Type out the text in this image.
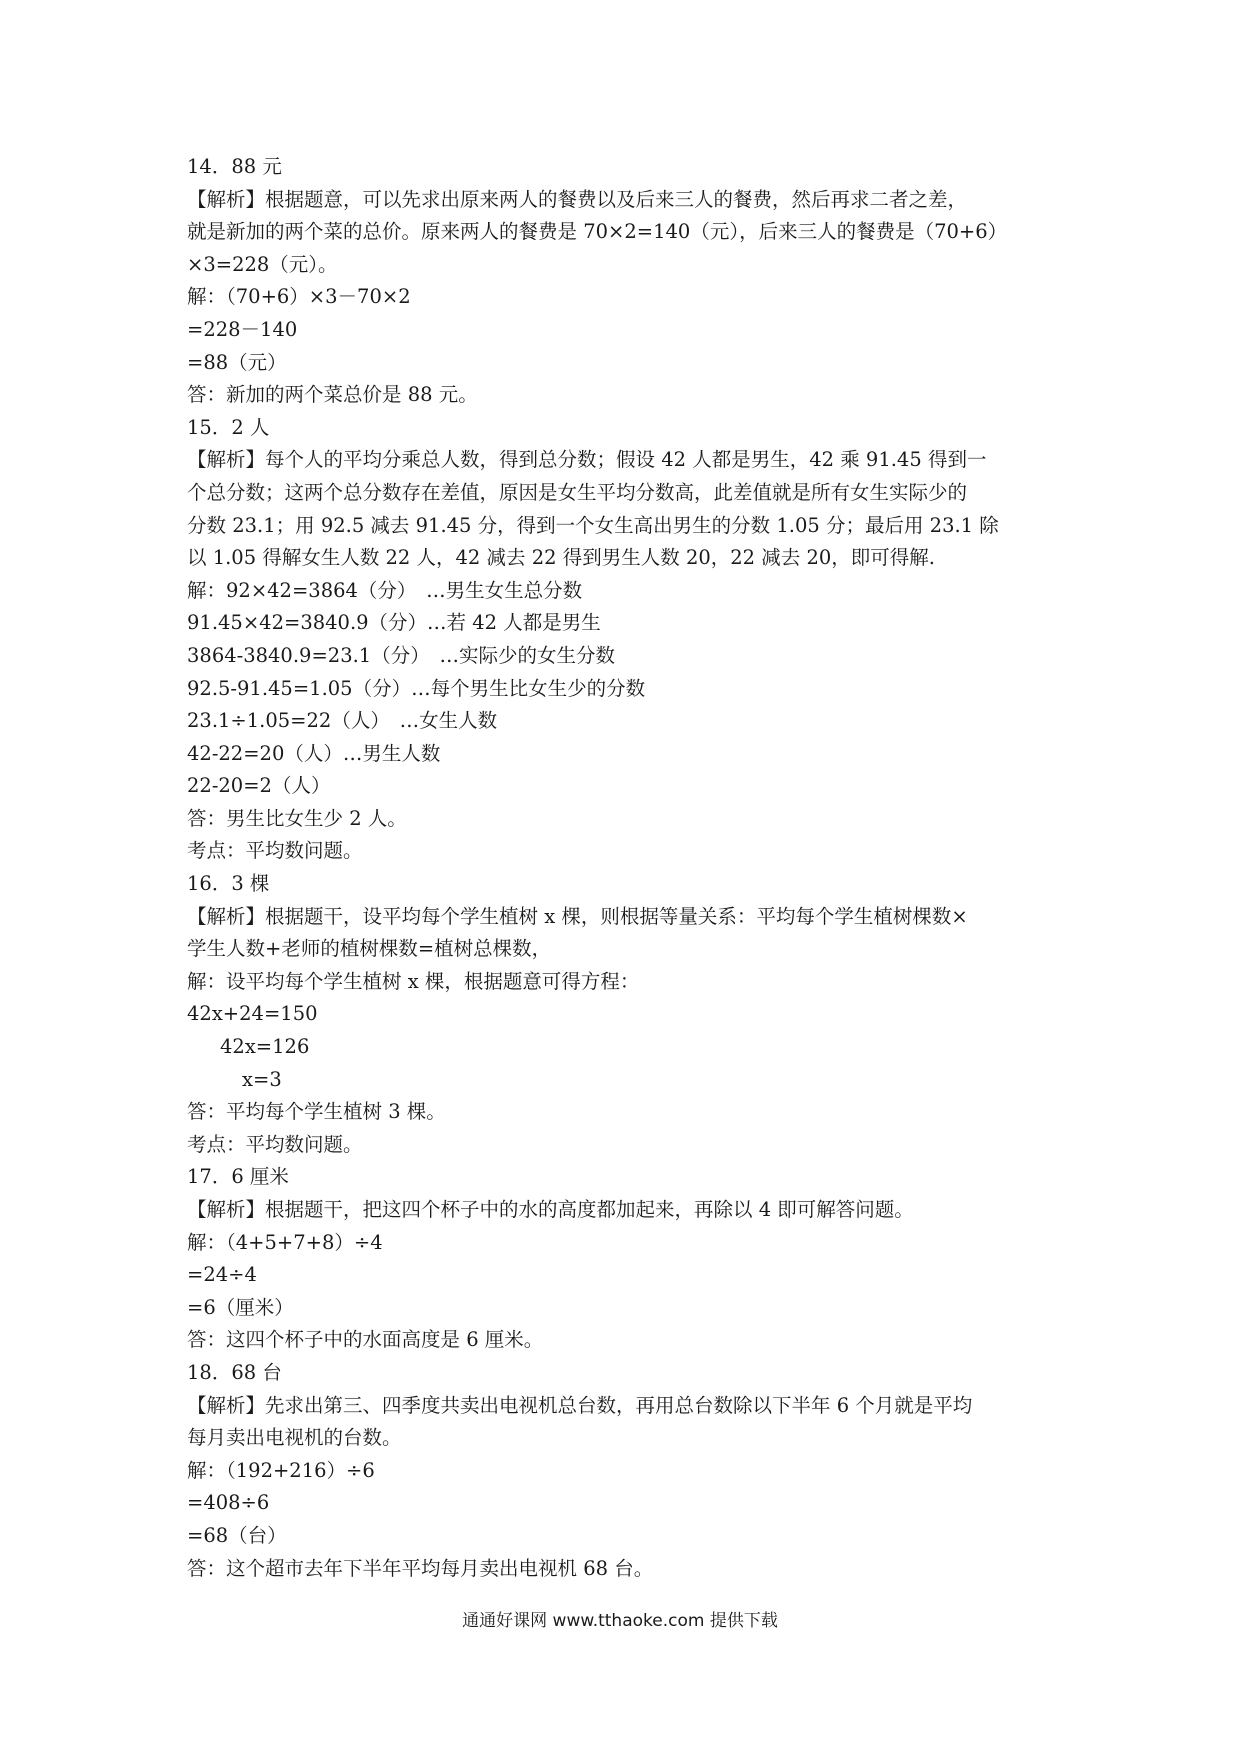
14．88 元
【解析】根据题意，可以先求出原来两人的餐费以及后来三人的餐费，然后再求二者之差，
就是新加的两个菜的总价。原来两人的餐费是 70×2=140（元），后来三人的餐费是（70+6）
×3=228（元）。
解：（70+6）×3－70×2
=228－140
=88（元）
答：新加的两个菜总价是 88 元。
15．2 人
【解析】每个人的平均分乘总人数，得到总分数；假设 42 人都是男生，42 乘 91.45 得到一
个总分数；这两个总分数存在差值，原因是女生平均分数高，此差值就是所有女生实际少的
分数 23.1；用 92.5 减去 91.45 分，得到一个女生高出男生的分数 1.05 分；最后用 23.1 除
以 1.05 得解女生人数 22 人，42 减去 22 得到男生人数 20，22 减去 20，即可得解.
解：92×42=3864（分）　…男生女生总分数
91.45×42=3840.9（分）…若 42 人都是男生
3864-3840.9=23.1（分）　…实际少的女生分数
92.5-91.45=1.05（分）…每个男生比女生少的分数
23.1÷1.05=22（人）　…女生人数
42-22=20（人）…男生人数
22-20=2（人）
答：男生比女生少 2 人。
考点：平均数问题。
16．3 棵
【解析】根据题干，设平均每个学生植树 x 棵，则根据等量关系：平均每个学生植树棵数×
学生人数+老师的植树棵数=植树总棵数，
解：设平均每个学生植树 x 棵，根据题意可得方程：
42x+24=150
42x=126
x=3
答：平均每个学生植树 3 棵。
考点：平均数问题。
17．6 厘米
【解析】根据题干，把这四个杯子中的水的高度都加起来，再除以 4 即可解答问题。
解：（4+5+7+8）÷4
=24÷4
=6（厘米）
答：这四个杯子中的水面高度是 6 厘米。
18．68 台
【解析】先求出第三、四季度共卖出电视机总台数，再用总台数除以下半年 6 个月就是平均
每月卖出电视机的台数。
解：（192+216）÷6
=408÷6
=68（台）
答：这个超市去年下半年平均每月卖出电视机 68 台。
通通好课网 www.tthaoke.com 提供下载
